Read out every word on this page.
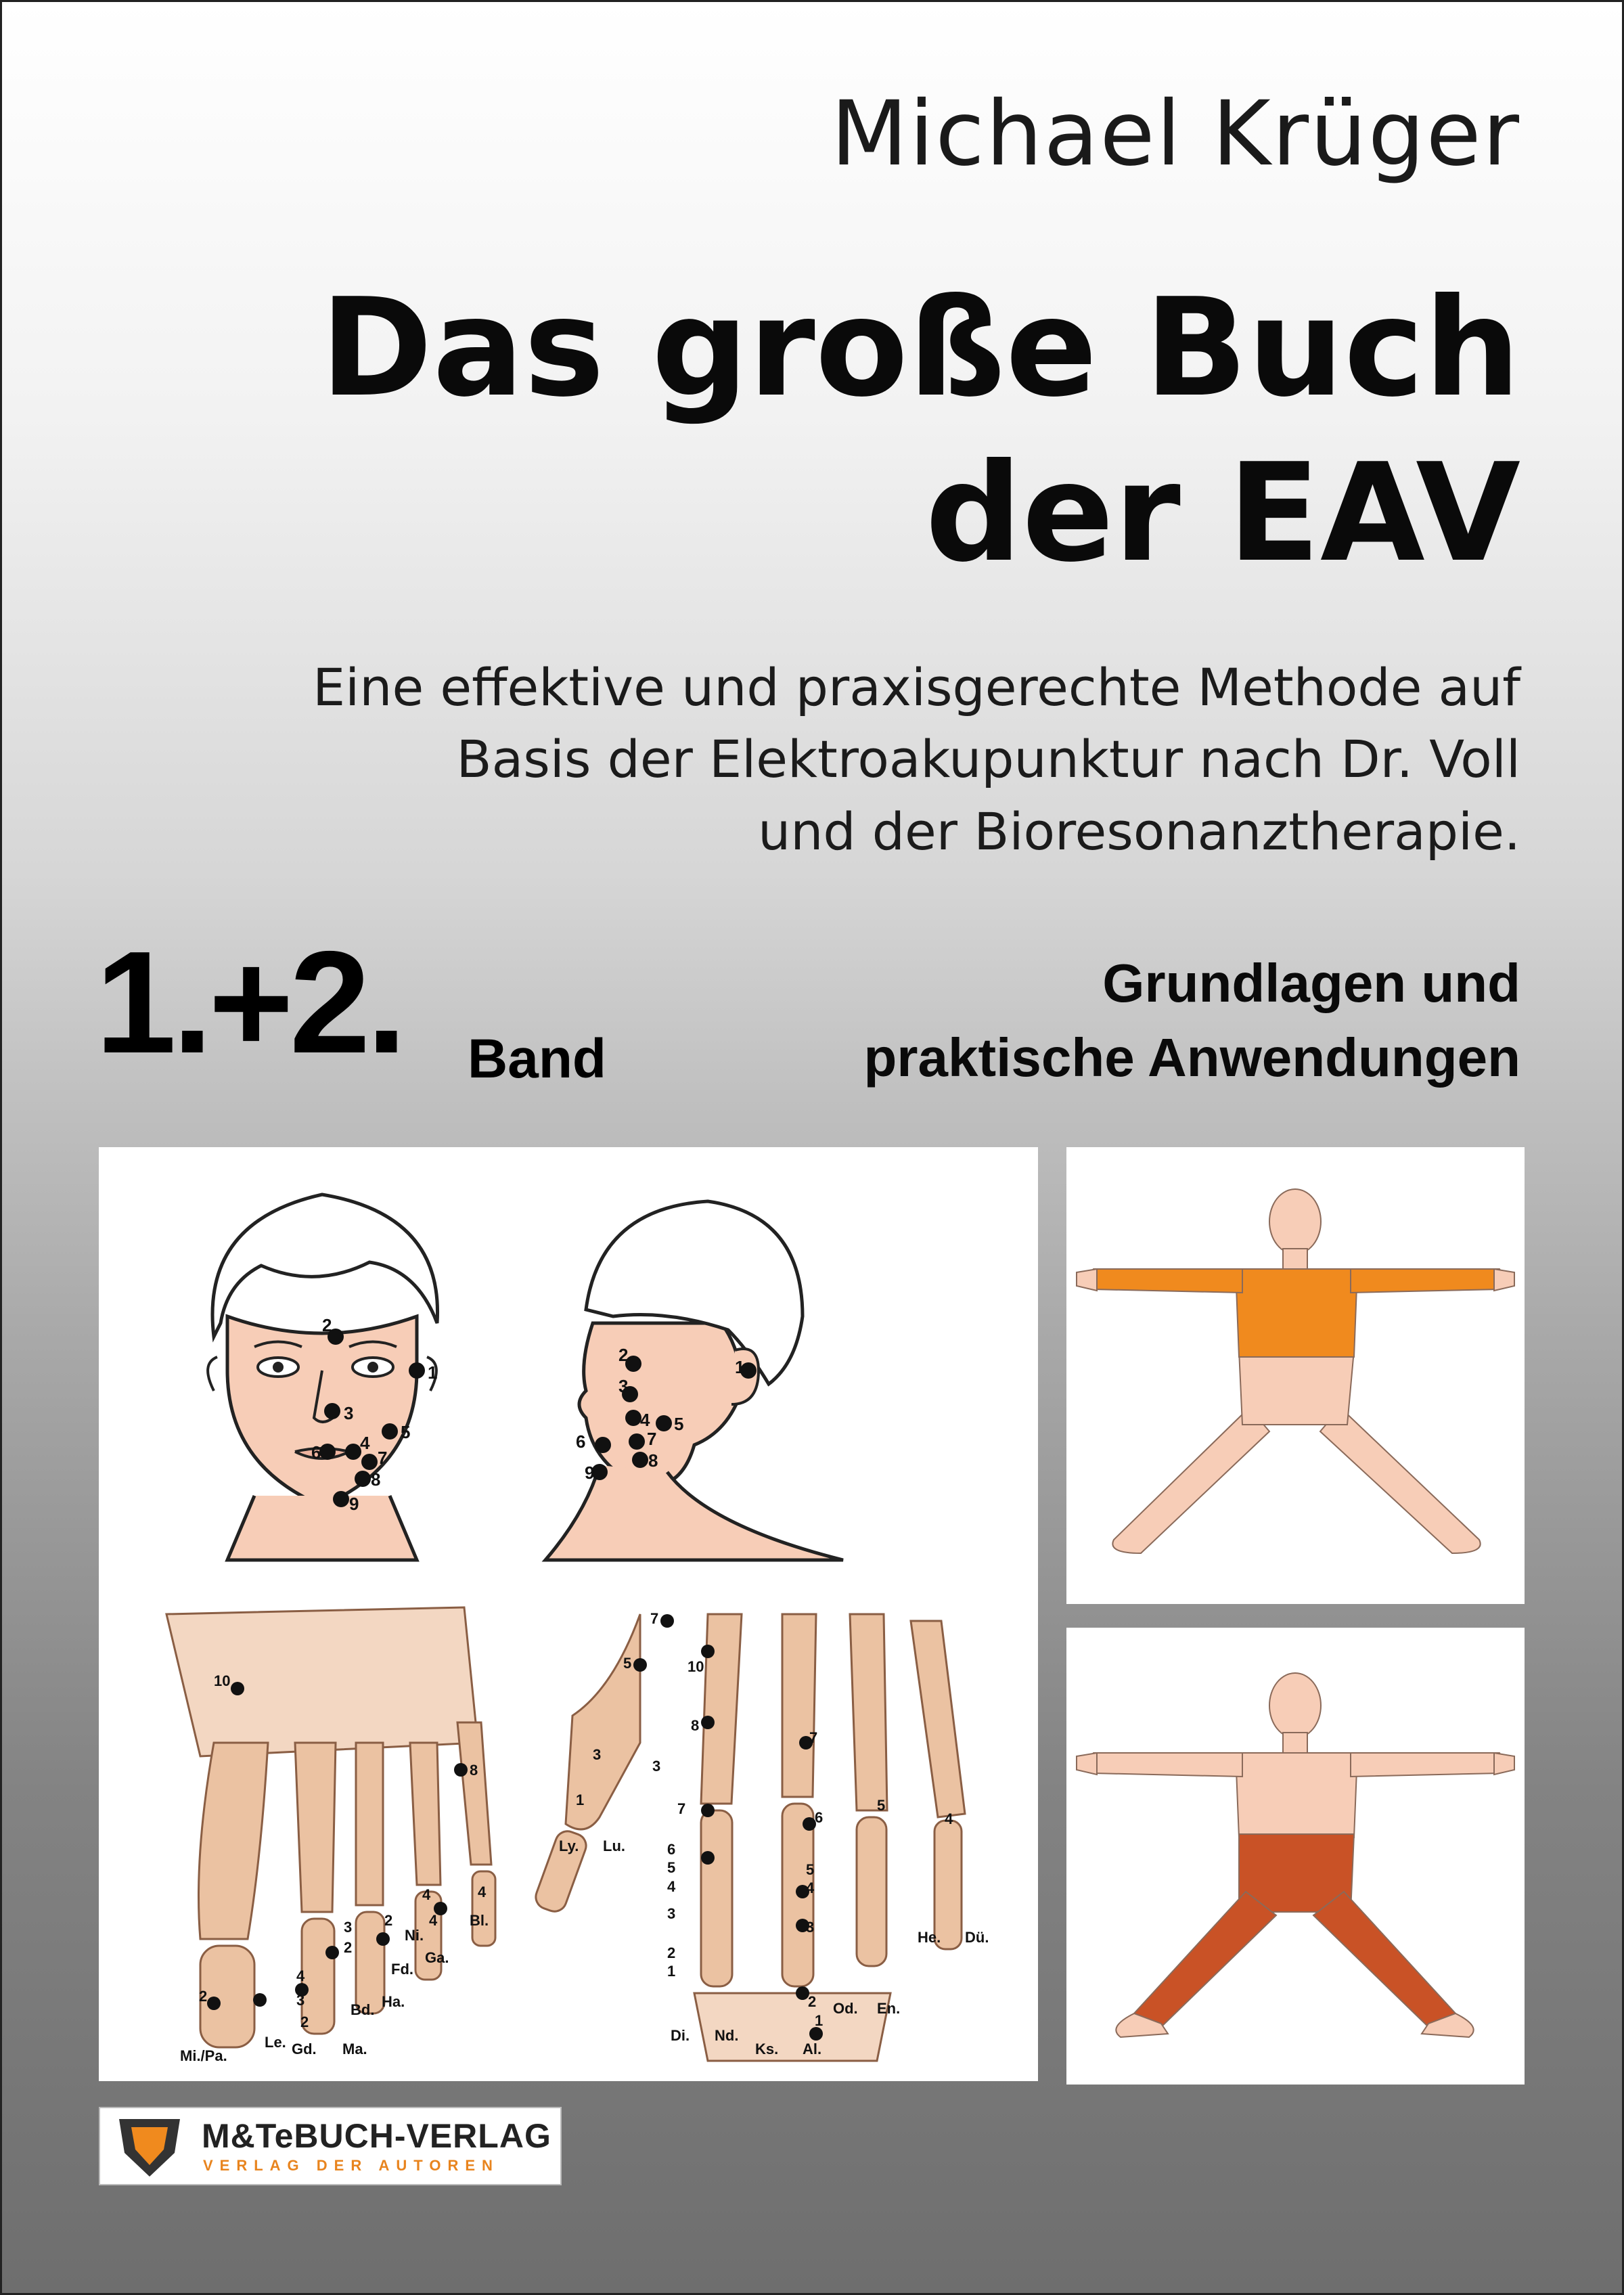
Michael Krüger
Das große Buch
der EAV
Eine effektive und praxisgerechte Methode auf
Basis der Elektroakupunktur nach Dr. Voll
und der Bioresonanztherapie.
1.+2. Band
Grundlagen und
praktische Anwendungen
2
1
3
5
6 4
7
8
9
1
2
3
4 5
6	7
8
9
10
8
4	4
Bl.
3 2 4
Ni.
Ga.
2
Fd.
4
3
Bd. Ha.
2
2
Mi./Pa.
Le. Gd. Ma.
7
5	10
8
3
3
1
Ly. Lu.
7
7
6
5
4
6
5
4
3
5
4
3
2
1
2
1
Di. Nd.
Ks. Al.
Od. En.
He. Dü.
M&TeBUCH-VERLAG
VERLAG DER AUTOREN
